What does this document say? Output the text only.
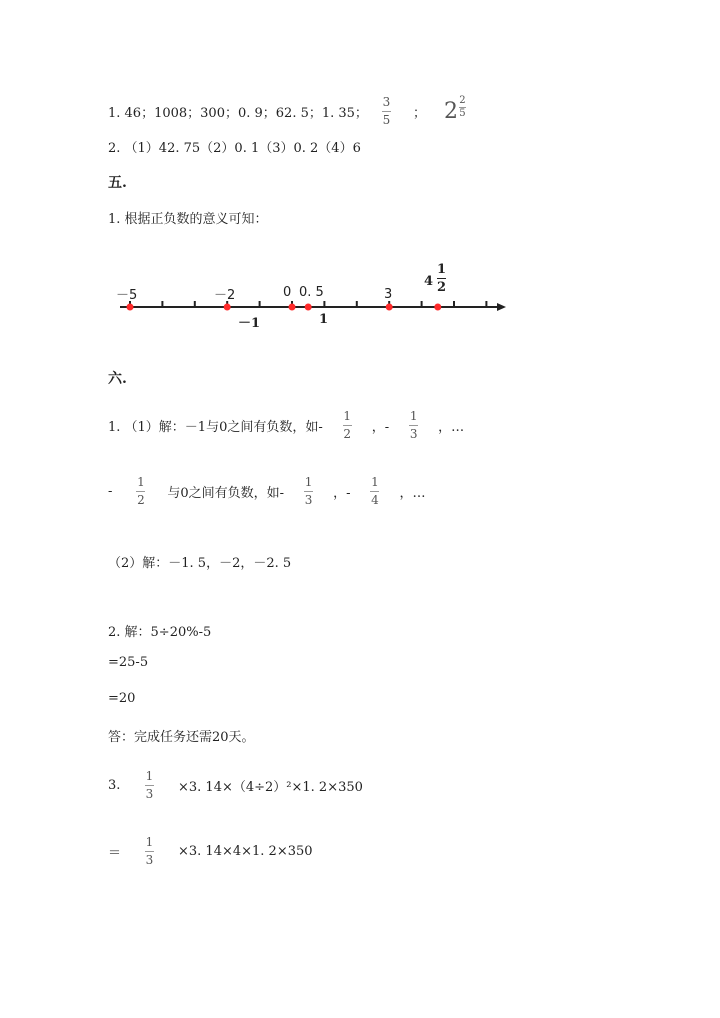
1. 46；1008；300；0. 9；62. 5；1. 35； $\frac{3}{5}$ ； $2 \frac{2}{5}$
2. （1）42. 75（2）0. 1（3）0. 2（4）6
五.
1. 根据正负数的意义可知：
－5	－2	0 0. 5	3
4
1
2
－1	1
六.
1. （1）解：－1与0之间有负数，如- $\frac{1}{2}$ ，- $\frac{1}{3}$ ，…
- $\frac{1}{2}$ 与0之间有负数，如- $\frac{1}{3}$ ，- $\frac{1}{4}$ ，…
（2）解：－1. 5，－2，－2. 5
2. 解：5÷20%-5
=25-5
=20
答：完成任务还需20天。
3.	$\frac{1}{3} \times 3$. 14×（4÷2）²×1. 2×350
＝	$\frac{1}{3} \times 3$. 14×4×1. 2×350
